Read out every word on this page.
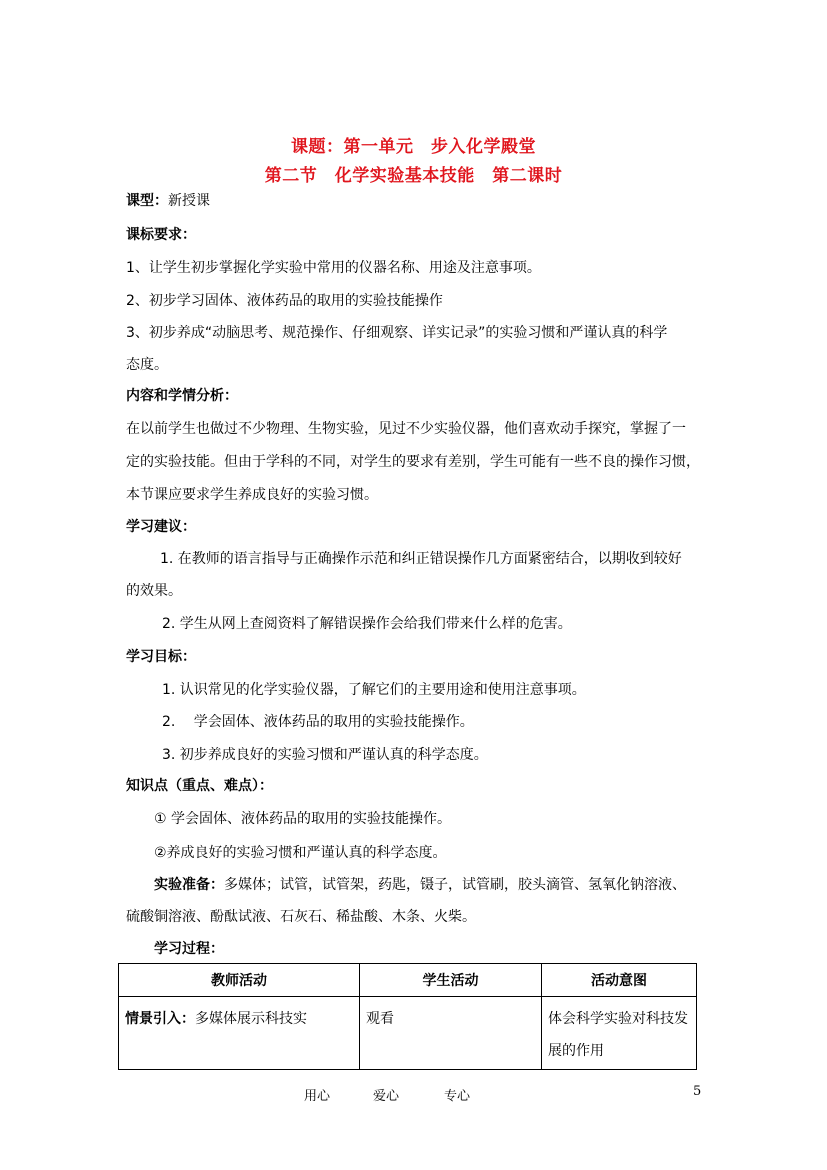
课题：第一单元　步入化学殿堂
第二节　化学实验基本技能　第二课时
课型：新授课
课标要求：
1、让学生初步掌握化学实验中常用的仪器名称、用途及注意事项。
2、初步学习固体、液体药品的取用的实验技能操作
3、初步养成“动脑思考、规范操作、仔细观察、详实记录”的实验习惯和严谨认真的科学
态度。
内容和学情分析：
在以前学生也做过不少物理、生物实验，见过不少实验仪器，他们喜欢动手探究，掌握了一
定的实验技能。但由于学科的不同，对学生的要求有差别，学生可能有一些不良的操作习惯，
本节课应要求学生养成良好的实验习惯。
学习建议：
1. 在教师的语言指导与正确操作示范和纠正错误操作几方面紧密结合，以期收到较好
的效果。
2. 学生从网上查阅资料了解错误操作会给我们带来什么样的危害。
学习目标：
1. 认识常见的化学实验仪器，了解它们的主要用途和使用注意事项。
2.　 学会固体、液体药品的取用的实验技能操作。
3. 初步养成良好的实验习惯和严谨认真的科学态度。
知识点（重点、难点）：
① 学会固体、液体药品的取用的实验技能操作。
②养成良好的实验习惯和严谨认真的科学态度。
实验准备：多媒体；试管，试管架，药匙，镊子，试管刷，胶头滴管、氢氧化钠溶液、
硫酸铜溶液、酚酞试液、石灰石、稀盐酸、木条、火柴。
学习过程：
教师活动	学生活动	活动意图
情景引入：多媒体展示科技实	观看	体会科学实验对科技发展的作用
用心	爱心	专心	5
